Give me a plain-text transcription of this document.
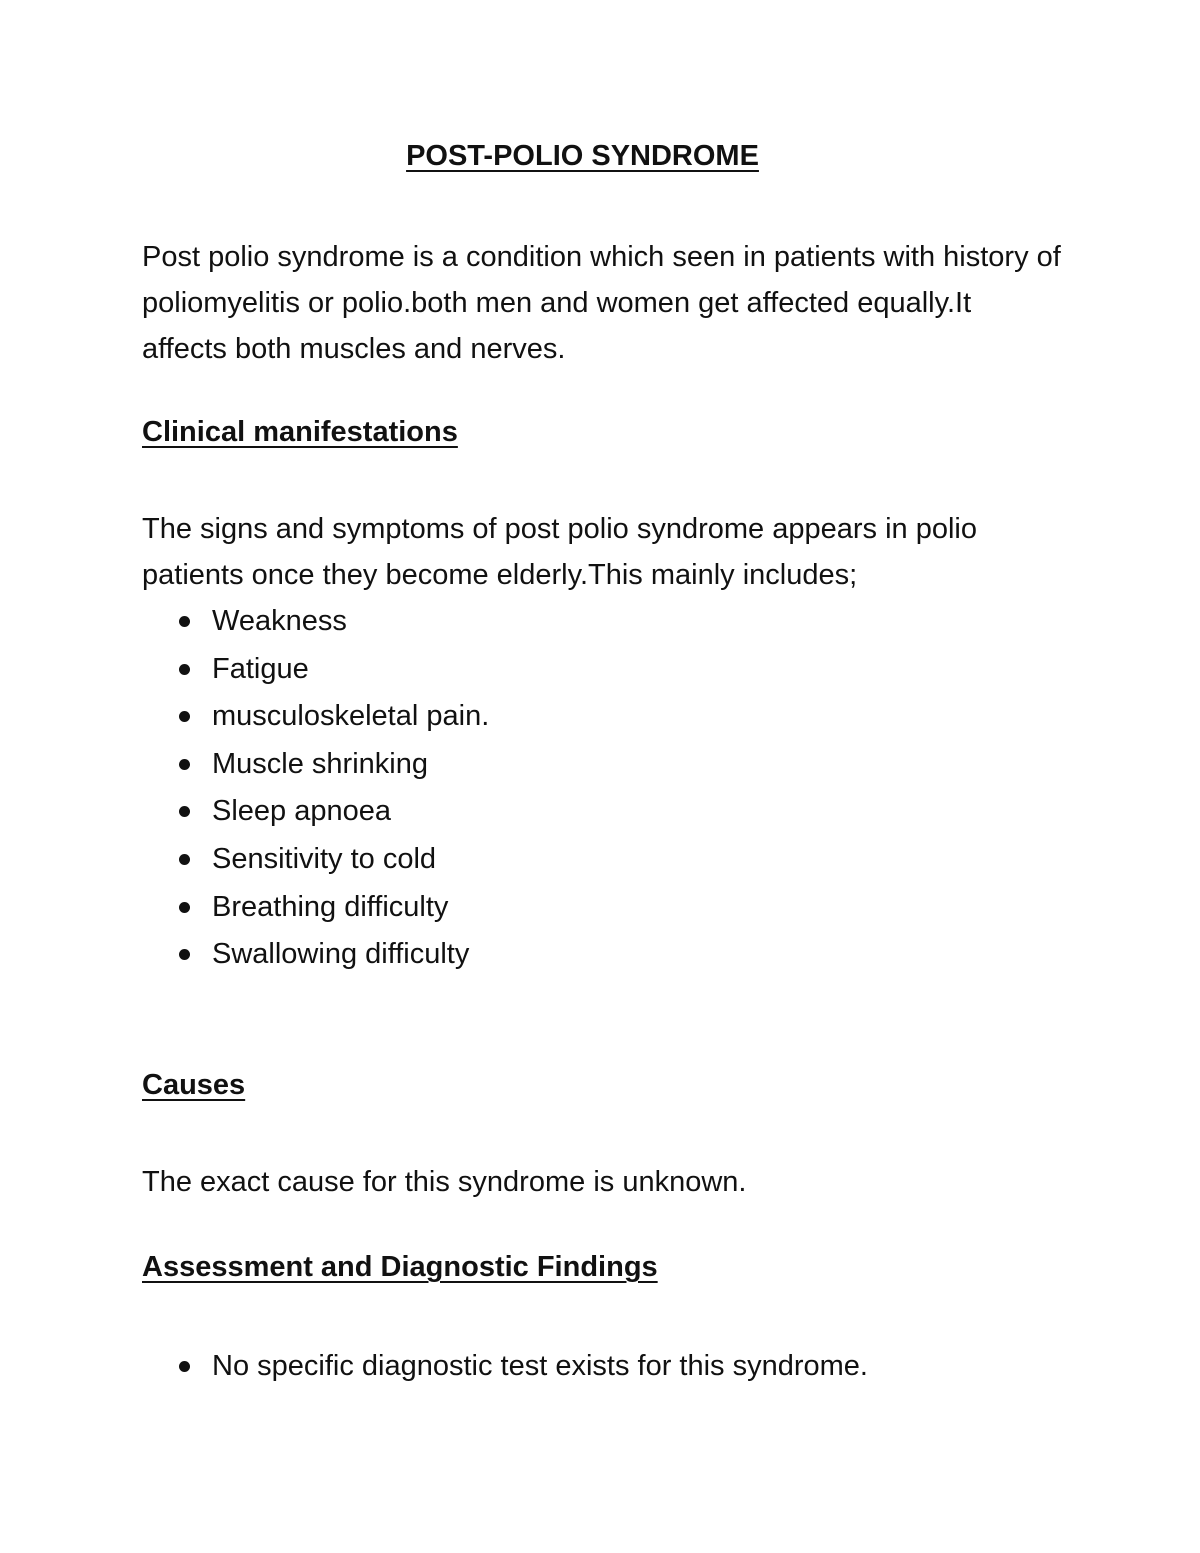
POST-POLIO SYNDROME

Post polio syndrome is a condition which seen in patients with history of poliomyelitis or polio.both men and women get affected equally.It affects both muscles and nerves.

Clinical manifestations

The signs and symptoms of post polio syndrome appears in polio patients once they become elderly.This mainly includes;

Weakness
Fatigue
musculoskeletal pain.
Muscle shrinking
Sleep apnoea
Sensitivity to cold
Breathing difficulty
Swallowing difficulty
Causes

The exact cause for this syndrome is unknown.

Assessment and Diagnostic Findings
No specific diagnostic test exists for this syndrome.
